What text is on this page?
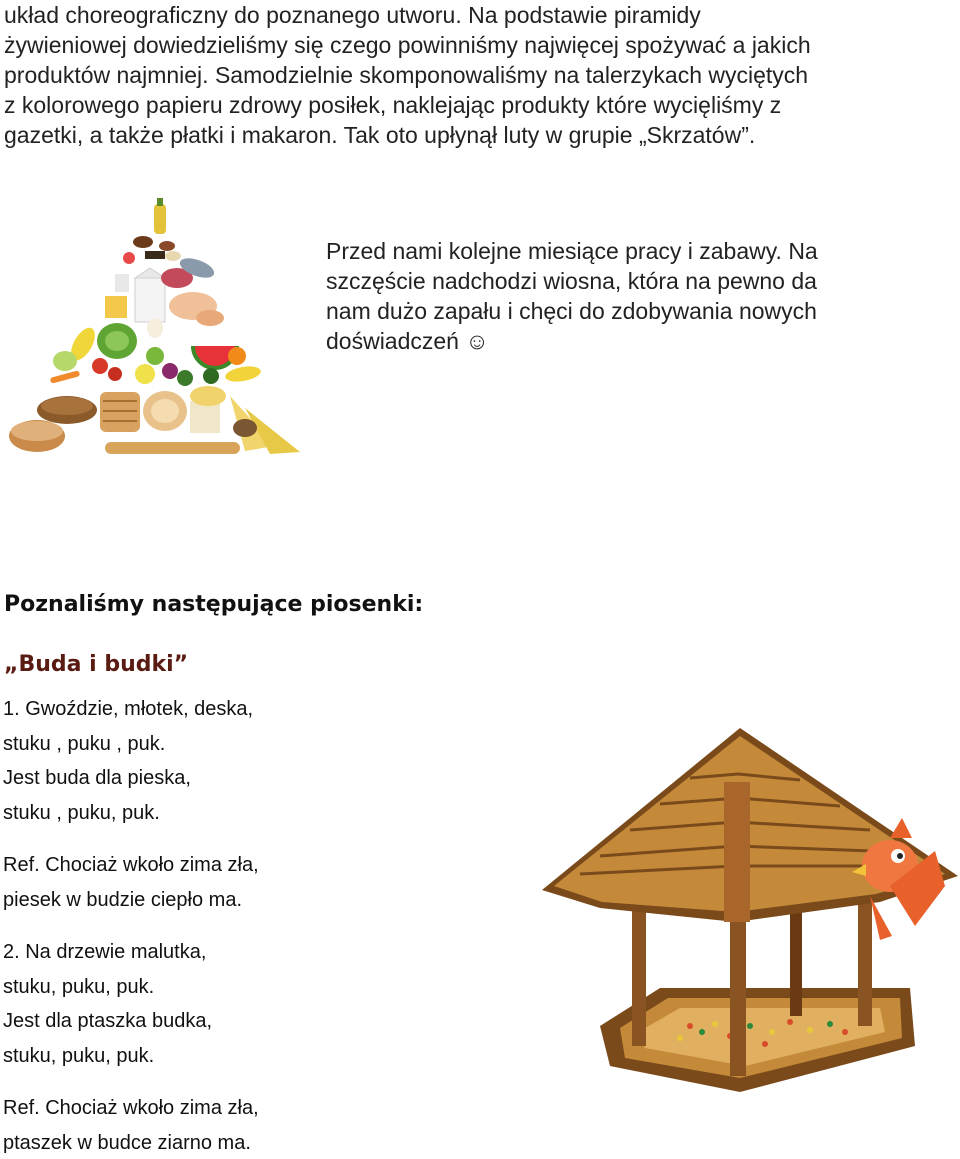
układ choreograficzny do poznanego utworu. Na podstawie piramidy
żywieniowej dowiedzieliśmy się czego powinniśmy najwięcej spożywać a jakich
produktów najmniej. Samodzielnie skomponowaliśmy na talerzykach wyciętych
z kolorowego papieru zdrowy posiłek, naklejając produkty które wycięliśmy z
gazetki, a także płatki i makaron. Tak oto upłynął luty w grupie „Skrzatów”.
Przed nami kolejne miesiące pracy i zabawy. Na
szczęście nadchodzi wiosna, która na pewno da
nam dużo zapału i chęci do zdobywania nowych
doświadczeń ☺
Poznaliśmy następujące piosenki:
„Buda i budki”
1. Gwoździe, młotek, deska,
stuku , puku , puk.
Jest buda dla pieska,
stuku , puku, puk.
Ref. Chociaż wkoło zima zła,
piesek w budzie ciepło ma.
2. Na drzewie malutka,
stuku, puku, puk.
Jest dla ptaszka budka,
stuku, puku, puk.
Ref. Chociaż wkoło zima zła,
ptaszek w budce ziarno ma.
